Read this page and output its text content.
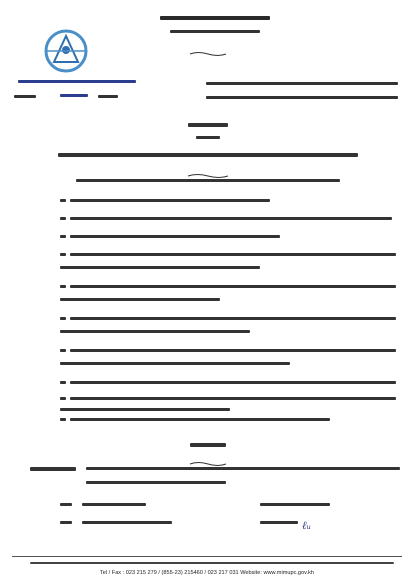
ℓᵤ
Tel / Fax : 023 215 279 / (855-23) 215460 / 023 217 031 Website: www.mimupc.gov.kh
